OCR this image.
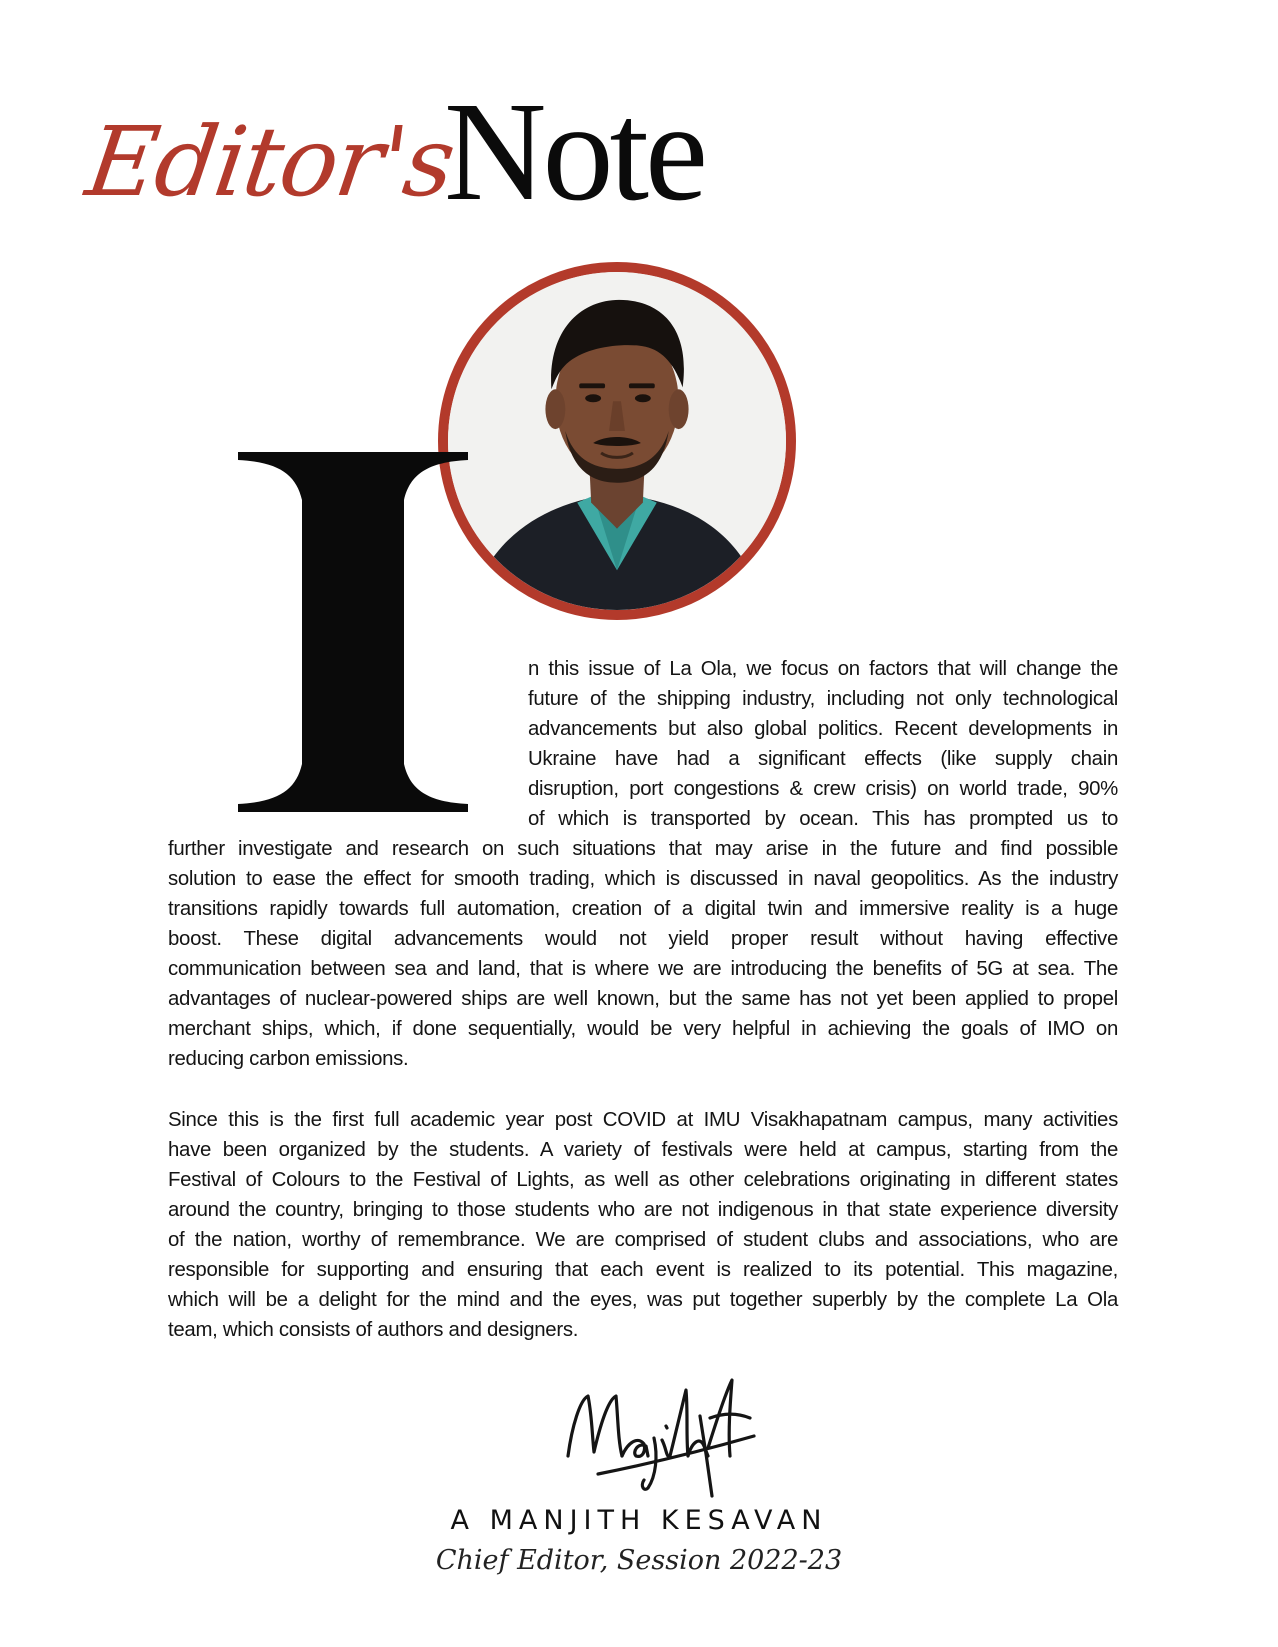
Editor's
Note
n this issue of La Ola, we focus on factors that will change the
future of the shipping industry, including not only technological
advancements but also global politics. Recent developments in
Ukraine have had a significant effects (like supply chain
disruption, port congestions & crew crisis) on world trade, 90%
of which is transported by ocean. This has prompted us to
further investigate and research on such situations that may arise in the future and find possible
solution to ease the effect for smooth trading, which is discussed in naval geopolitics. As the industry
transitions rapidly towards full automation, creation of a digital twin and immersive reality is a huge
boost. These digital advancements would not yield proper result without having effective
communication between sea and land, that is where we are introducing the benefits of 5G at sea. The
advantages of nuclear-powered ships are well known, but the same has not yet been applied to propel
merchant ships, which, if done sequentially, would be very helpful in achieving the goals of IMO on
reducing carbon emissions.
Since this is the first full academic year post COVID at IMU Visakhapatnam campus, many activities
have been organized by the students. A variety of festivals were held at campus, starting from the
Festival of Colours to the Festival of Lights, as well as other celebrations originating in different states
around the country, bringing to those students who are not indigenous in that state experience diversity
of the nation, worthy of remembrance. We are comprised of student clubs and associations, who are
responsible for supporting and ensuring that each event is realized to its potential. This magazine,
which will be a delight for the mind and the eyes, was put together superbly by the complete La Ola
team, which consists of authors and designers.
A MANJITH KESAVAN
Chief Editor, Session 2022-23
